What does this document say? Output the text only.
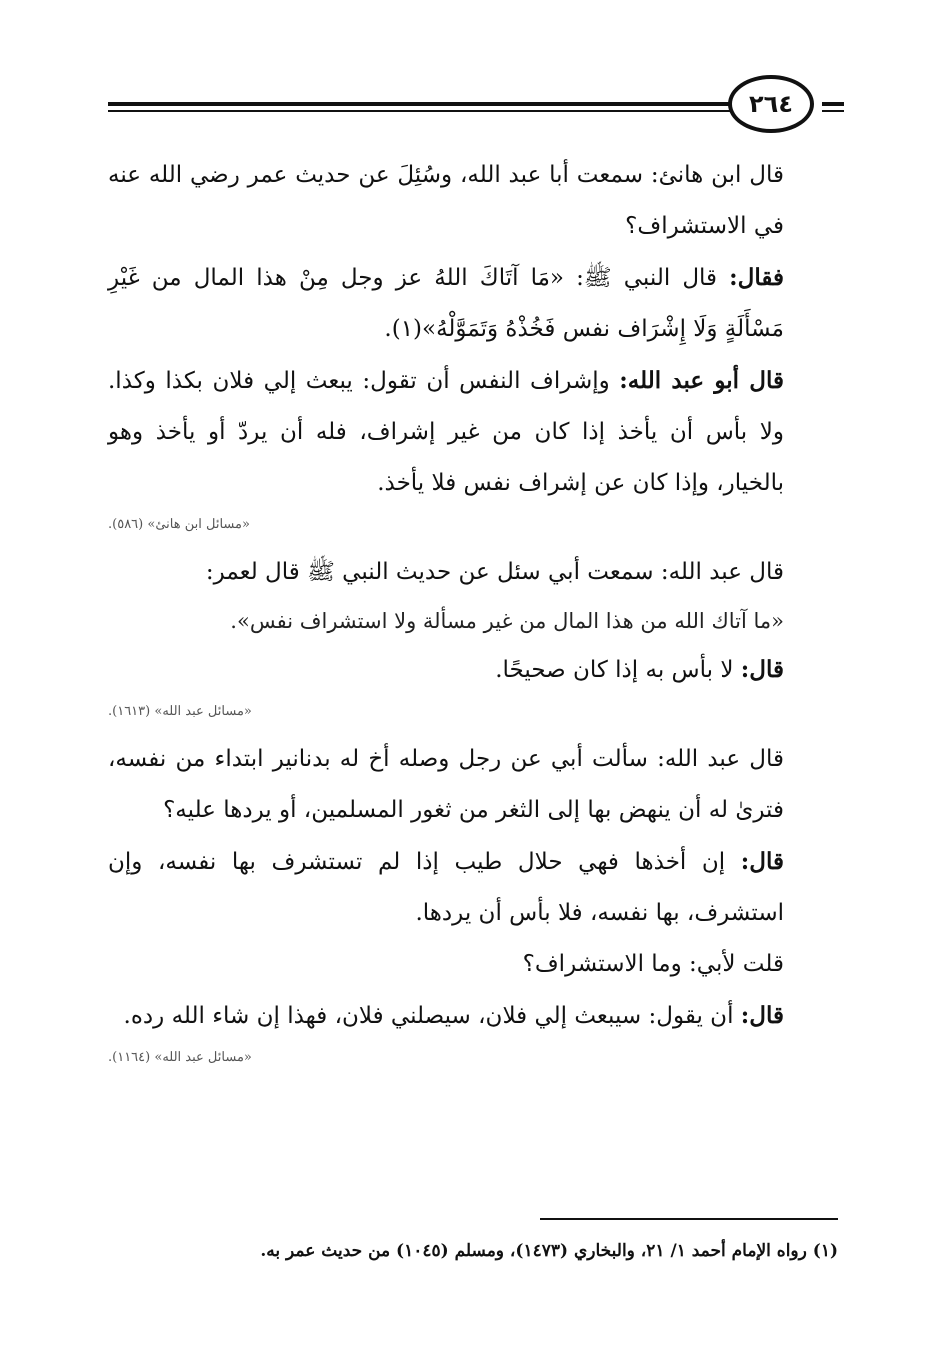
٢٦٤

قال ابن هانئ: سمعت أبا عبد الله، وسُئِلَ عن حديث عمر رضي الله عنه في الاستشراف؟

فقال: قال النبي ﷺ: «مَا آتَاكَ اللهُ عز وجل مِنْ هذا المال من غَيْرِ مَسْأَلَةٍ وَلَا إِشْرَاف نفس فَخُذْهُ وَتَمَوَّلْهُ»(١).

قال أبو عبد الله: وإشراف النفس أن تقول: يبعث إلي فلان بكذا وكذا. ولا بأس أن يأخذ إذا كان من غير إشراف، فله أن يردّ أو يأخذ وهو بالخيار، وإذا كان عن إشراف نفس فلا يأخذ.

«مسائل ابن هانئ» (٥٨٦).

قال عبد الله: سمعت أبي سئل عن حديث النبي ﷺ قال لعمر:

«ما آتاك الله من هذا المال من غير مسألة ولا استشراف نفس».

قال: لا بأس به إذا كان صحيحًا.

«مسائل عبد الله» (١٦١٣).

قال عبد الله: سألت أبي عن رجل وصله أخ له بدنانير ابتداء من نفسه، فترىٰ له أن ينهض بها إلى الثغر من ثغور المسلمين، أو يردها عليه؟

قال: إن أخذها فهي حلال طيب إذا لم تستشرف بها نفسه، وإن استشرف، بها نفسه، فلا بأس أن يردها.

قلت لأبي: وما الاستشراف؟

قال: أن يقول: سيبعث إلي فلان، سيصلني فلان، فهذا إن شاء الله رده.

«مسائل عبد الله» (١١٦٤).

(١) رواه الإمام أحمد ١/ ٢١، والبخاري (١٤٧٣)، ومسلم (١٠٤٥) من حديث عمر به.
